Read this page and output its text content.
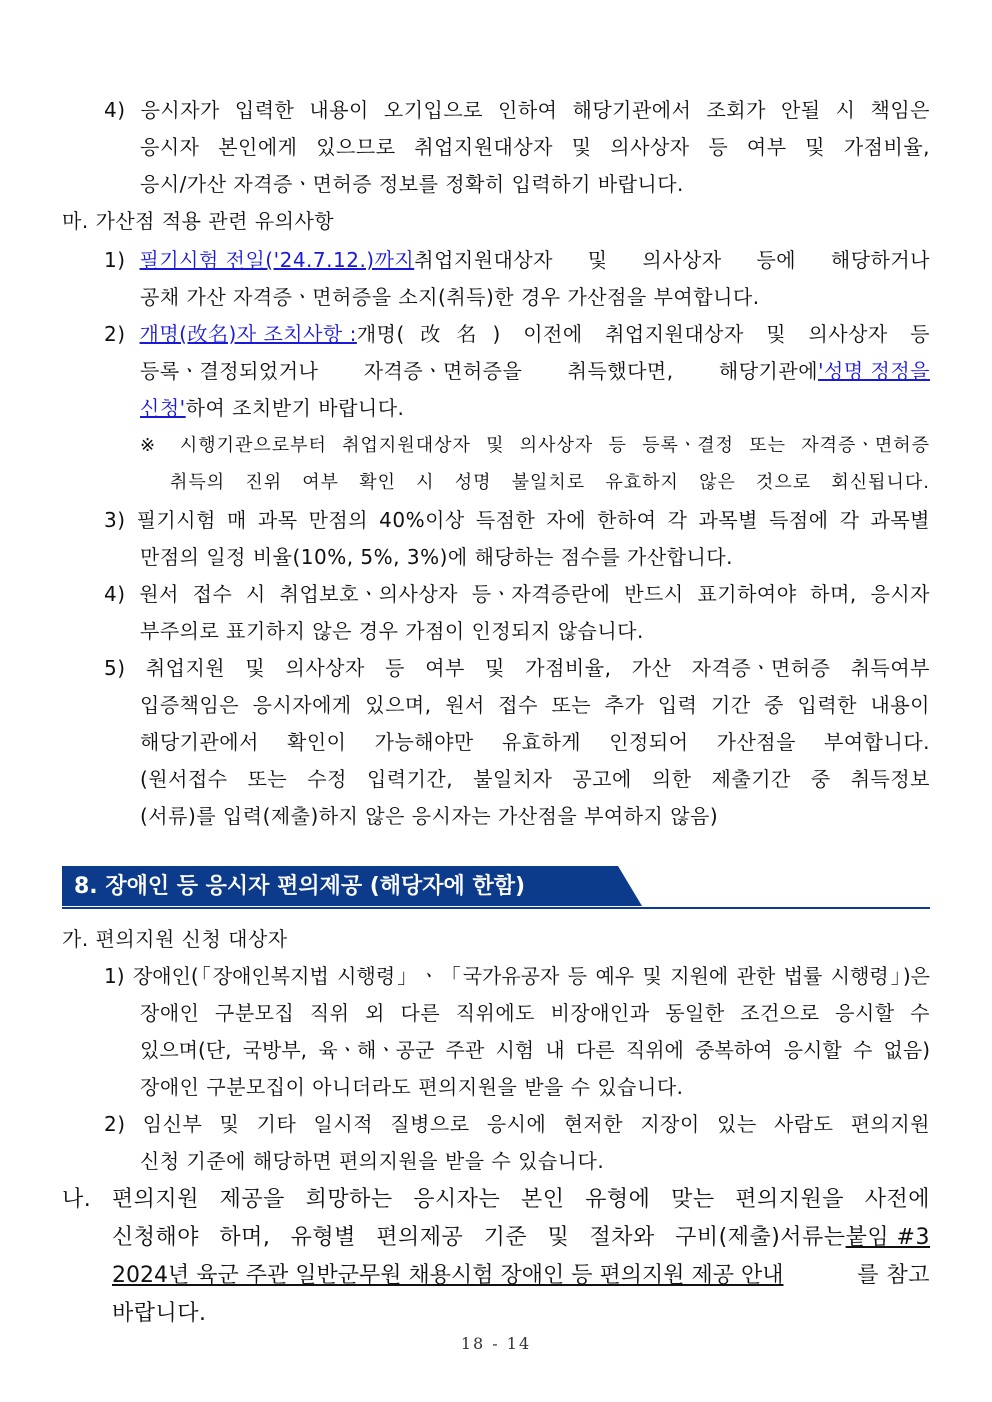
4) 응시자가 입력한 내용이 오기입으로 인하여 해당기관에서 조회가 안될 시 책임은
응시자 본인에게 있으므로 취업지원대상자 및 의사상자 등 여부 및 가점비율,
응시/가산 자격증ㆍ면허증 정보를 정확히 입력하기 바랍니다.
마. 가산점 적용 관련 유의사항
1) 필기시험 전일('24.7.12.)까지 취업지원대상자 및 의사상자 등에 해당하거나
공채 가산 자격증ㆍ면허증을 소지(취득)한 경우 가산점을 부여합니다.
2) 개명(改名)자 조치사항 : 개명(改名) 이전에 취업지원대상자 및 의사상자 등
등록ㆍ결정되었거나 자격증ㆍ면허증을 취득했다면, 해당기관에 '성명 정정을
신청'하여 조치받기 바랍니다.
※ 시행기관으로부터 취업지원대상자 및 의사상자 등 등록ㆍ결정 또는 자격증ㆍ면허증
취득의 진위 여부 확인 시 성명 불일치로 유효하지 않은 것으로 회신됩니다.
3) 필기시험 매 과목 만점의 40%이상 득점한 자에 한하여 각 과목별 득점에 각 과목별
만점의 일정 비율(10%, 5%, 3%)에 해당하는 점수를 가산합니다.
4) 원서 접수 시 취업보호ㆍ의사상자 등ㆍ자격증란에 반드시 표기하여야 하며, 응시자
부주의로 표기하지 않은 경우 가점이 인정되지 않습니다.
5) 취업지원 및 의사상자 등 여부 및 가점비율, 가산 자격증ㆍ면허증 취득여부
입증책임은 응시자에게 있으며, 원서 접수 또는 추가 입력 기간 중 입력한 내용이
해당기관에서 확인이 가능해야만 유효하게 인정되어 가산점을 부여합니다.
(원서접수 또는 수정 입력기간, 불일치자 공고에 의한 제출기간 중 취득정보
(서류)를 입력(제출)하지 않은 응시자는 가산점을 부여하지 않음)
8. 장애인 등 응시자 편의제공 (해당자에 한함)
가. 편의지원 신청 대상자
1) 장애인(「장애인복지법 시행령」ㆍ「국가유공자 등 예우 및 지원에 관한 법률 시행령」)은
장애인 구분모집 직위 외 다른 직위에도 비장애인과 동일한 조건으로 응시할 수
있으며(단, 국방부, 육ㆍ해ㆍ공군 주관 시험 내 다른 직위에 중복하여 응시할 수 없음)
장애인 구분모집이 아니더라도 편의지원을 받을 수 있습니다.
2) 임신부 및 기타 일시적 질병으로 응시에 현저한 지장이 있는 사람도 편의지원
신청 기준에 해당하면 편의지원을 받을 수 있습니다.
나. 편의지원 제공을 희망하는 응시자는 본인 유형에 맞는 편의지원을 사전에
신청해야 하며, 유형별 편의제공 기준 및 절차와 구비(제출)서류는 붙임 #3
2024년 육군 주관 일반군무원 채용시험 장애인 등 편의지원 제공 안내	를 참고
바랍니다.
18 - 14
